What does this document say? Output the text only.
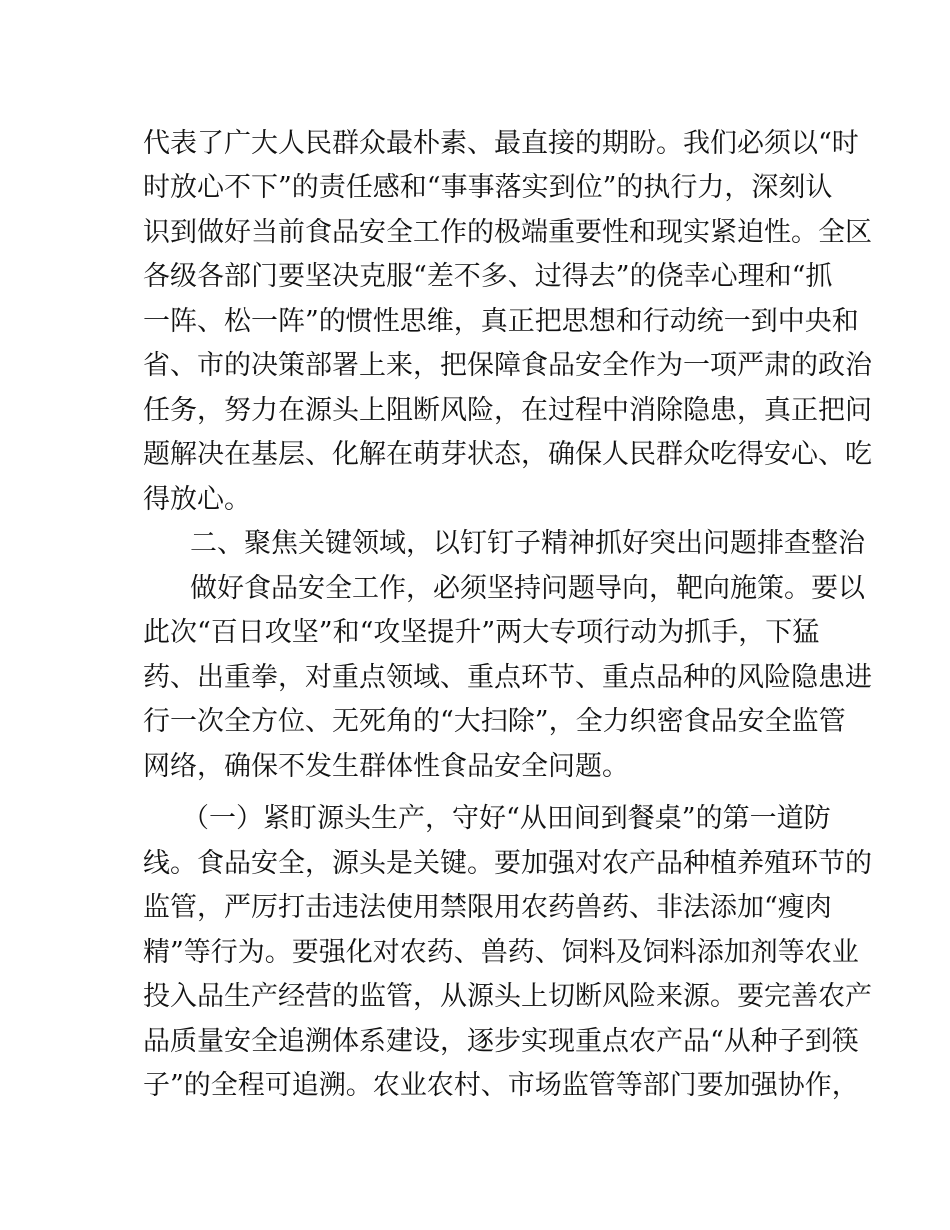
代表了广大人民群众最朴素、最直接的期盼。我们必须以“时

时放心不下”的责任感和“事事落实到位”的执行力，深刻认

识到做好当前食品安全工作的极端重要性和现实紧迫性。全区

各级各部门要坚决克服“差不多、过得去”的侥幸心理和“抓

一阵、松一阵”的惯性思维，真正把思想和行动统一到中央和

省、市的决策部署上来，把保障食品安全作为一项严肃的政治

任务，努力在源头上阻断风险，在过程中消除隐患，真正把问

题解决在基层、化解在萌芽状态，确保人民群众吃得安心、吃

得放心。

二、聚焦关键领域，以钉钉子精神抓好突出问题排查整治

做好食品安全工作，必须坚持问题导向，靶向施策。要以

此次“百日攻坚”和“攻坚提升”两大专项行动为抓手，下猛

药、出重拳，对重点领域、重点环节、重点品种的风险隐患进

行一次全方位、无死角的“大扫除”，全力织密食品安全监管

网络，确保不发生群体性食品安全问题。

（一）紧盯源头生产，守好“从田间到餐桌”的第一道防

线。食品安全，源头是关键。要加强对农产品种植养殖环节的

监管，严厉打击违法使用禁限用农药兽药、非法添加“瘦肉

精”等行为。要强化对农药、兽药、饲料及饲料添加剂等农业

投入品生产经营的监管，从源头上切断风险来源。要完善农产

品质量安全追溯体系建设，逐步实现重点农产品“从种子到筷

子”的全程可追溯。农业农村、市场监管等部门要加强协作，
